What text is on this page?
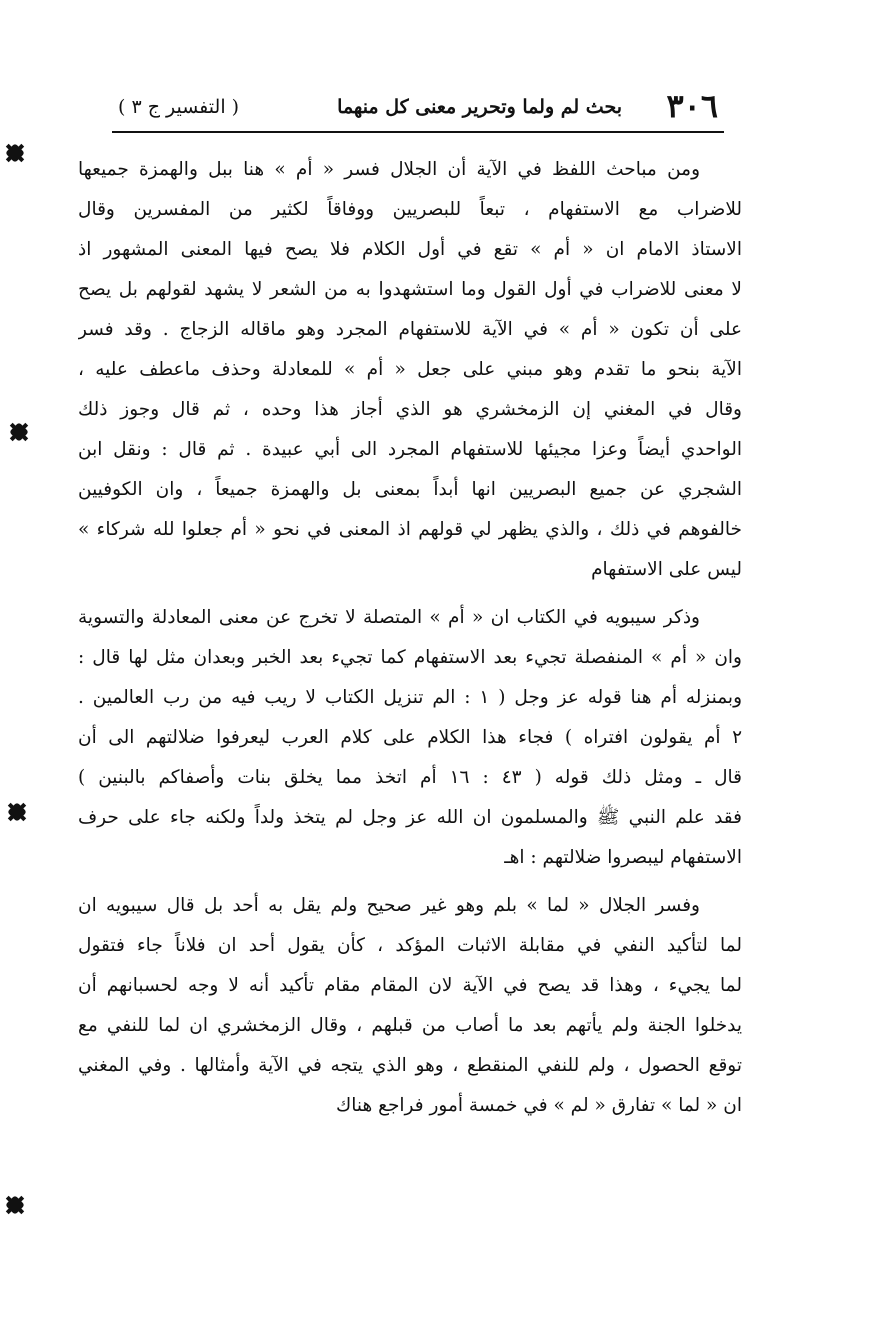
٣٠٦
بحث لم ولما وتحرير معنى كل منهما
( التفسير ج ٣ )
ومن مباحث اللفظ في الآية أن الجلال فسر « أم » هنا ببل والهمزة جميعها
للاضراب مع الاستفهام ، تبعاً للبصريين ووفاقاً لكثير من المفسرين وقال
الاستاذ الامام ان « أم » تقع في أول الكلام فلا يصح فيها المعنى المشهور اذ
لا معنى للاضراب في أول القول وما استشهدوا به من الشعر لا يشهد لقولهم بل يصح
على أن تكون « أم » في الآية للاستفهام المجرد وهو ماقاله الزجاج . وقد فسر
الآية بنحو ما تقدم وهو مبني على جعل « أم » للمعادلة وحذف ماعطف عليه ،
وقال في المغني إن الزمخشري هو الذي أجاز هذا وحده ، ثم قال وجوز ذلك
الواحدي أيضاً وعزا مجيئها للاستفهام المجرد الى أبي عبيدة . ثم قال : ونقل ابن
الشجري عن جميع البصريين انها أبداً بمعنى بل والهمزة جميعاً ، وان الكوفيين
خالفوهم في ذلك ، والذي يظهر لي قولهم اذ المعنى في نحو « أم جعلوا لله شركاء »
ليس على الاستفهام
وذكر سيبويه في الكتاب ان « أم » المتصلة لا تخرج عن معنى المعادلة والتسوية
وان « أم » المنفصلة تجيء بعد الاستفهام كما تجيء بعد الخبر وبعدان مثل لها قال :
وبمنزله أم هنا قوله عز وجل ( ١ : الم تنزيل الكتاب لا ريب فيه من رب العالمين .
٢ أم يقولون افتراه ) فجاء هذا الكلام على كلام العرب ليعرفوا ضلالتهم الى أن
قال ـ ومثل ذلك قوله ( ٤٣ : ١٦ أم اتخذ مما يخلق بنات وأصفاكم بالبنين )
فقد علم النبي ﷺ والمسلمون ان الله عز وجل لم يتخذ ولداً ولكنه جاء على حرف
الاستفهام ليبصروا ضلالتهم : اهـ
وفسر الجلال « لما » بلم وهو غير صحيح ولم يقل به أحد بل قال سيبويه ان
لما لتأكيد النفي في مقابلة الاثبات المؤكد ، كأن يقول أحد ان فلاناً جاء فتقول
لما يجيء ، وهذا قد يصح في الآية لان المقام مقام تأكيد أنه لا وجه لحسبانهم أن
يدخلوا الجنة ولم يأتهم بعد ما أصاب من قبلهم ، وقال الزمخشري ان لما للنفي مع
توقع الحصول ، ولم للنفي المنقطع ، وهو الذي يتجه في الآية وأمثالها . وفي المغني
ان « لما » تفارق « لم » في خمسة أمور فراجع هناك
